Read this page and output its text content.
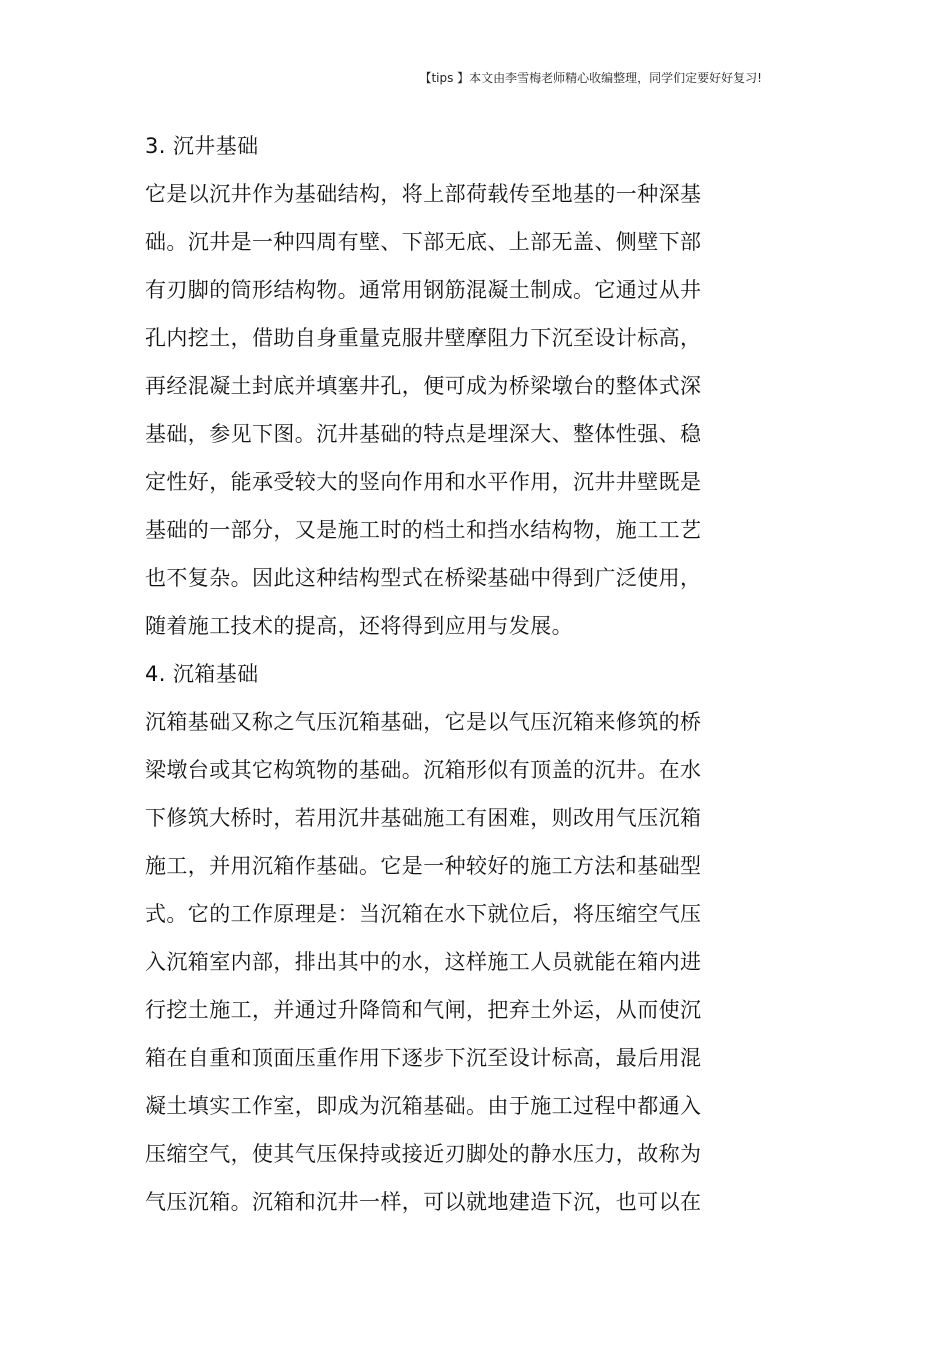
【tips 】本文由李雪梅老师精心收编整理，同学们定要好好复习!
3. 沉井基础
它是以沉井作为基础结构，将上部荷载传至地基的一种深基
础。沉井是一种四周有壁、下部无底、上部无盖、侧壁下部
有刃脚的筒形结构物。通常用钢筋混凝土制成。它通过从井
孔内挖土，借助自身重量克服井壁摩阻力下沉至设计标高，
再经混凝土封底并填塞井孔，便可成为桥梁墩台的整体式深
基础，参见下图。沉井基础的特点是埋深大、整体性强、稳
定性好，能承受较大的竖向作用和水平作用，沉井井壁既是
基础的一部分，又是施工时的档土和挡水结构物，施工工艺
也不复杂。因此这种结构型式在桥梁基础中得到广泛使用，
随着施工技术的提高，还将得到应用与发展。
4. 沉箱基础
沉箱基础又称之气压沉箱基础，它是以气压沉箱来修筑的桥
梁墩台或其它构筑物的基础。沉箱形似有顶盖的沉井。在水
下修筑大桥时，若用沉井基础施工有困难，则改用气压沉箱
施工，并用沉箱作基础。它是一种较好的施工方法和基础型
式。它的工作原理是：当沉箱在水下就位后，将压缩空气压
入沉箱室内部，排出其中的水，这样施工人员就能在箱内进
行挖土施工，并通过升降筒和气闸，把弃土外运，从而使沉
箱在自重和顶面压重作用下逐步下沉至设计标高，最后用混
凝土填实工作室，即成为沉箱基础。由于施工过程中都通入
压缩空气，使其气压保持或接近刃脚处的静水压力，故称为
气压沉箱。沉箱和沉井一样，可以就地建造下沉，也可以在
